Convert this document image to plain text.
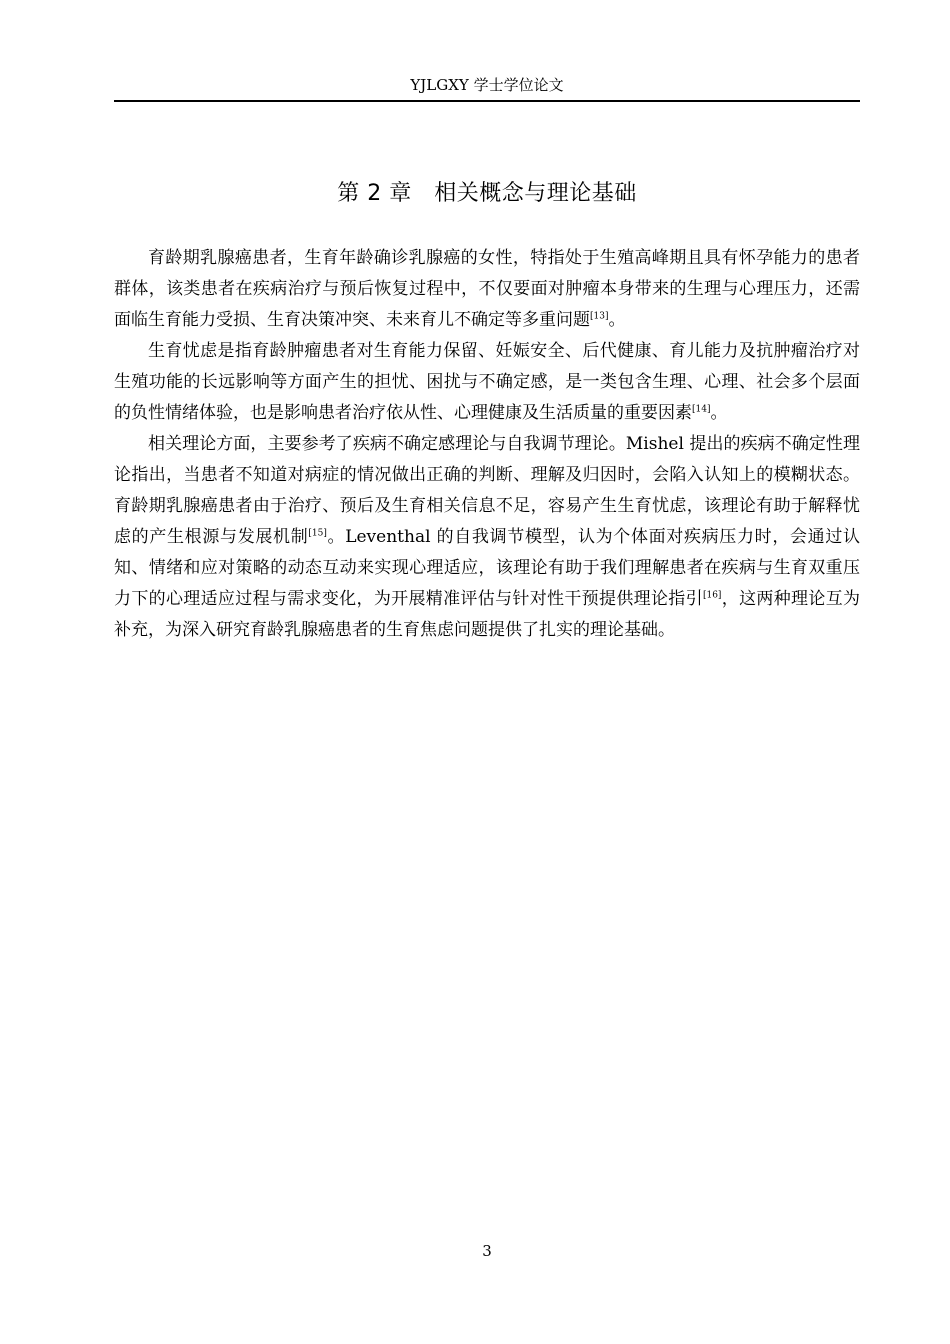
YJLGXY 学士学位论文
第 2 章　相关概念与理论基础

育龄期乳腺癌患者，生育年龄确诊乳腺癌的女性，特指处于生殖高峰期且具有怀孕能力的患者群体，该类患者在疾病治疗与预后恢复过程中，不仅要面对肿瘤本身带来的生理与心理压力，还需面临生育能力受损、生育决策冲突、未来育儿不确定等多重问题[13]。

生育忧虑是指育龄肿瘤患者对生育能力保留、妊娠安全、后代健康、育儿能力及抗肿瘤治疗对生殖功能的长远影响等方面产生的担忧、困扰与不确定感，是一类包含生理、心理、社会多个层面的负性情绪体验，也是影响患者治疗依从性、心理健康及生活质量的重要因素[14]。

相关理论方面，主要参考了疾病不确定感理论与自我调节理论。Mishel 提出的疾病不确定性理论指出，当患者不知道对病症的情况做出正确的判断、理解及归因时，会陷入认知上的模糊状态。育龄期乳腺癌患者由于治疗、预后及生育相关信息不足，容易产生生育忧虑，该理论有助于解释忧虑的产生根源与发展机制[15]。Leventhal 的自我调节模型，认为个体面对疾病压力时，会通过认知、情绪和应对策略的动态互动来实现心理适应，该理论有助于我们理解患者在疾病与生育双重压力下的心理适应过程与需求变化，为开展精准评估与针对性干预提供理论指引[16]，这两种理论互为补充，为深入研究育龄乳腺癌患者的生育焦虑问题提供了扎实的理论基础。

3
